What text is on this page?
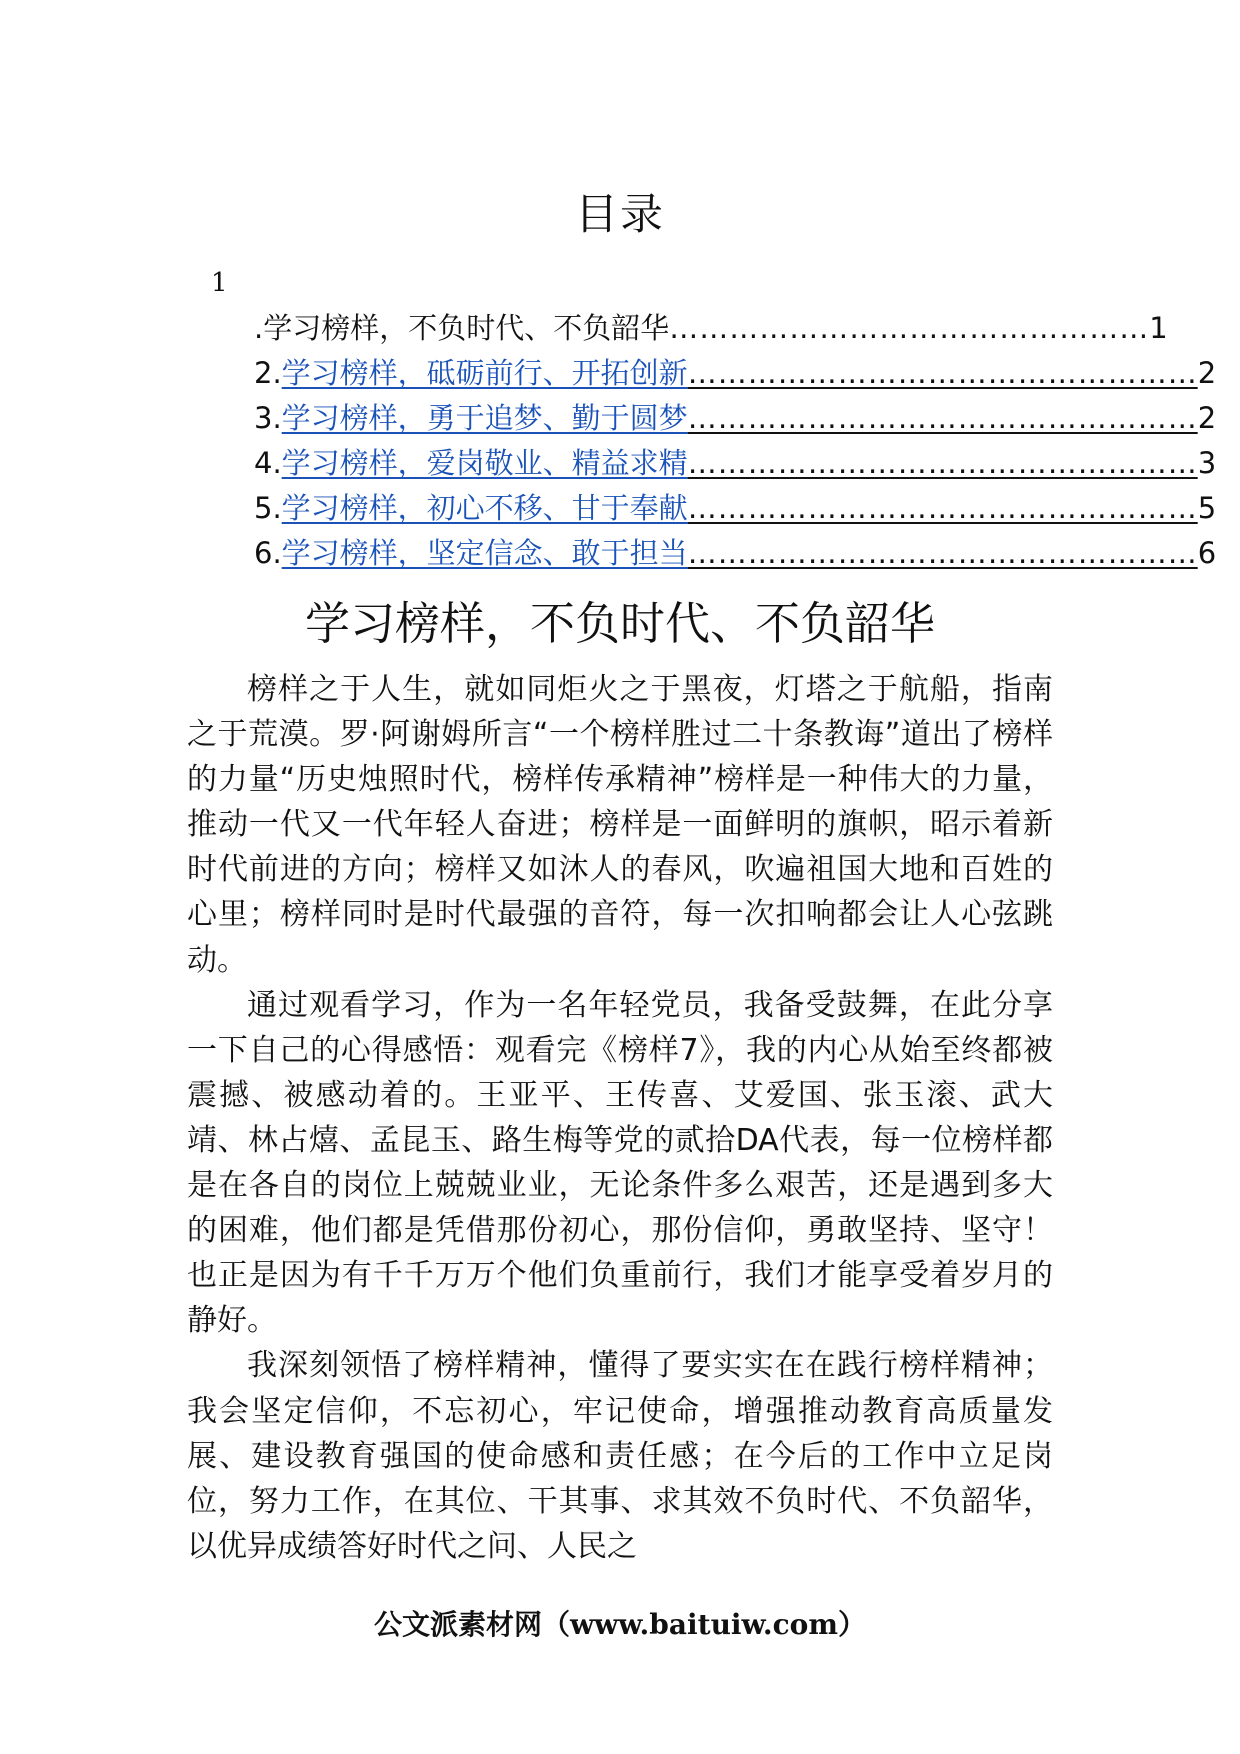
目录
1
.学习榜样，不负时代、不负韶华 ………………………………………… 1
2. 学习榜样，砥砺前行、开拓创新 …………………………………………… 2
3. 学习榜样，勇于追梦、勤于圆梦 …………………………………………… 2
4. 学习榜样，爱岗敬业、精益求精 …………………………………………… 3
5. 学习榜样，初心不移、甘于奉献 …………………………………………… 5
6. 学习榜样，坚定信念、敢于担当 …………………………………………… 6
学习榜样，不负时代、不负韶华

榜样之于人生，就如同炬火之于黑夜，灯塔之于航船，指南之于荒漠。罗·阿谢姆所言“一个榜样胜过二十条教诲”道出了榜样的力量“历史烛照时代，榜样传承精神”榜样是一种伟大的力量，推动一代又一代年轻人奋进；榜样是一面鲜明的旗帜，昭示着新时代前进的方向；榜样又如沐人的春风，吹遍祖国大地和百姓的心里；榜样同时是时代最强的音符，每一次扣响都会让人心弦跳动。

通过观看学习，作为一名年轻党员，我备受鼓舞，在此分享一下自己的心得感悟：观看完《榜样7》，我的内心从始至终都被震撼、被感动着的。王亚平、王传喜、艾爱国、张玉滚、武大靖、林占熺、孟昆玉、路生梅等党的贰拾DA代表，每一位榜样都是在各自的岗位上兢兢业业，无论条件多么艰苦，还是遇到多大的困难，他们都是凭借那份初心，那份信仰，勇敢坚持、坚守！也正是因为有千千万万个他们负重前行，我们才能享受着岁月的静好。

我深刻领悟了榜样精神，懂得了要实实在在践行榜样精神；我会坚定信仰，不忘初心，牢记使命，增强推动教育高质量发展、建设教育强国的使命感和责任感；在今后的工作中立足岗位，努力工作，在其位、干其事、求其效不负时代、不负韶华，以优异成绩答好时代之问、人民之

公文派素材网（www.baituiw.com）
